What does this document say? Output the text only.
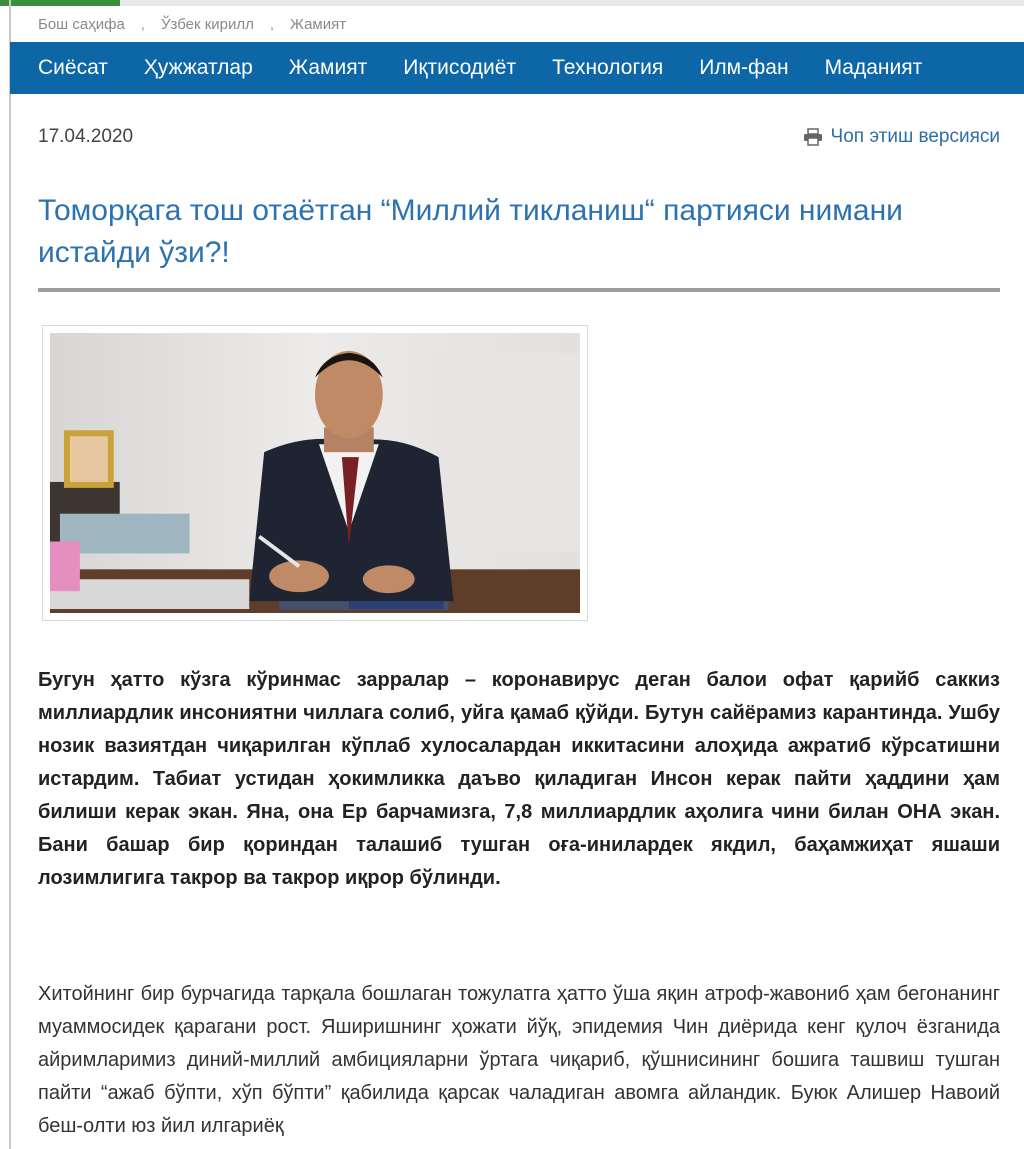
Бош саҳифа , Ўзбек кирилл , Жамият
Сиёсат	Ҳужжатлар	Жамият	Иқтисодиёт	Технология	Илм-фан	Маданият
17.04.2020	Чоп этиш версияси
Томорқага тош отаётган “Миллий тикланиш“ партияси нимани истайди ўзи?!

Бугун ҳатто кўзга кўринмас зарралар – коронавирус деган балои офат қарийб саккиз миллиардлик инсониятни чиллага солиб, уйга қамаб қўйди. Бутун сайёрамиз карантинда. Ушбу нозик вазиятдан чиқарилган кўплаб хулосалардан иккитасини алоҳида ажратиб кўрсатишни истардим. Табиат устидан ҳокимликка даъво қиладиган Инсон керак пайти ҳаддини ҳам билиши керак экан. Яна, она Ер барчамизга, 7,8 миллиардлик аҳолига чини билан ОНА экан. Бани башар бир қориндан талашиб тушган оға-инилардек якдил, баҳамжиҳат яшаши лозимлигига такрор ва такрор иқрор бўлинди.

Хитойнинг бир бурчагида тарқала бошлаган тожулатга ҳатто ўша яқин атроф-жавониб ҳам бегонанинг муаммосидек қарагани рост. Яширишнинг ҳожати йўқ, эпидемия Чин диёрида кенг қулоч ёзганида айримларимиз диний-миллий амбицияларни ўртага чиқариб, қўшнисининг бошига ташвиш тушган пайти “ажаб бўпти, хўп бўпти” қабилида қарсак чаладиган авомга айландик. Буюк Алишер Навоий беш-олти юз йил илгариёқ
